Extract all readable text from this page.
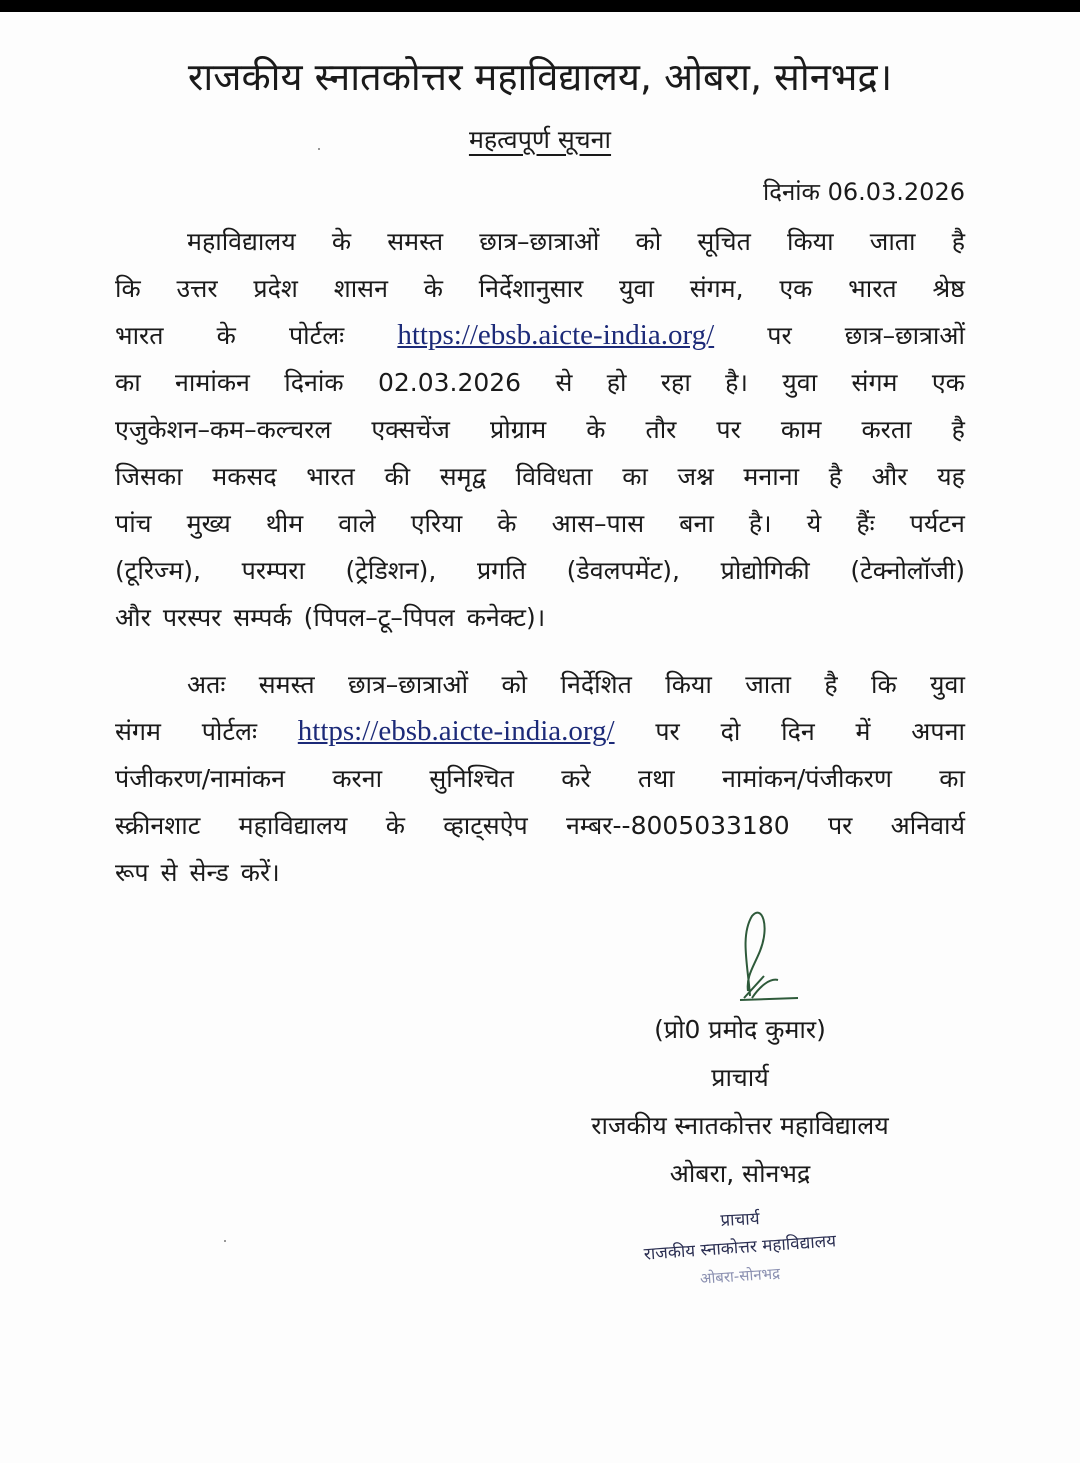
राजकीय स्नातकोत्तर महाविद्यालय, ओबरा, सोनभद्र।
महत्वपूर्ण सूचना
दिनांक 06.03.2026
महाविद्यालय के समस्त छात्र–छात्राओं को सूचित किया जाता है
कि उत्तर प्रदेश शासन के निर्देशानुसार युवा संगम, एक भारत श्रेष्ठ
भारत के पोर्टलः https://ebsb.aicte-india.org/ पर छात्र–छात्राओं
का नामांकन दिनांक 02.03.2026 से हो रहा है। युवा संगम एक
एजुकेशन–कम–कल्चरल एक्सचेंज प्रोग्राम के तौर पर काम करता है
जिसका मकसद भारत की समृद्व विविधता का जश्न मनाना है और यह
पांच मुख्य थीम वाले एरिया के आस–पास बना है। ये हैंः पर्यटन
(टूरिज्म), परम्परा (ट्रेडिशन), प्रगति (डेवलपमेंट), प्रोद्योगिकी (टेक्नोलॉजी)
और परस्पर सम्पर्क (पिपल–टू–पिपल कनेक्ट)।
अतः समस्त छात्र–छात्राओं को निर्देशित किया जाता है कि युवा
संगम पोर्टलः https://ebsb.aicte-india.org/ पर दो दिन में अपना
पंजीकरण/नामांकन करना सुनिश्चित करे तथा नामांकन/पंजीकरण का
स्क्रीनशाट महाविद्यालय के व्हाट्सऐप नम्बर--8005033180 पर अनिवार्य
रूप से सेन्ड करें।
(प्रो0 प्रमोद कुमार)
प्राचार्य
राजकीय स्नातकोत्तर महाविद्यालय
ओबरा, सोनभद्र
प्राचार्य
राजकीय स्नाकोत्तर महाविद्यालय
ओबरा-सोनभद्र
